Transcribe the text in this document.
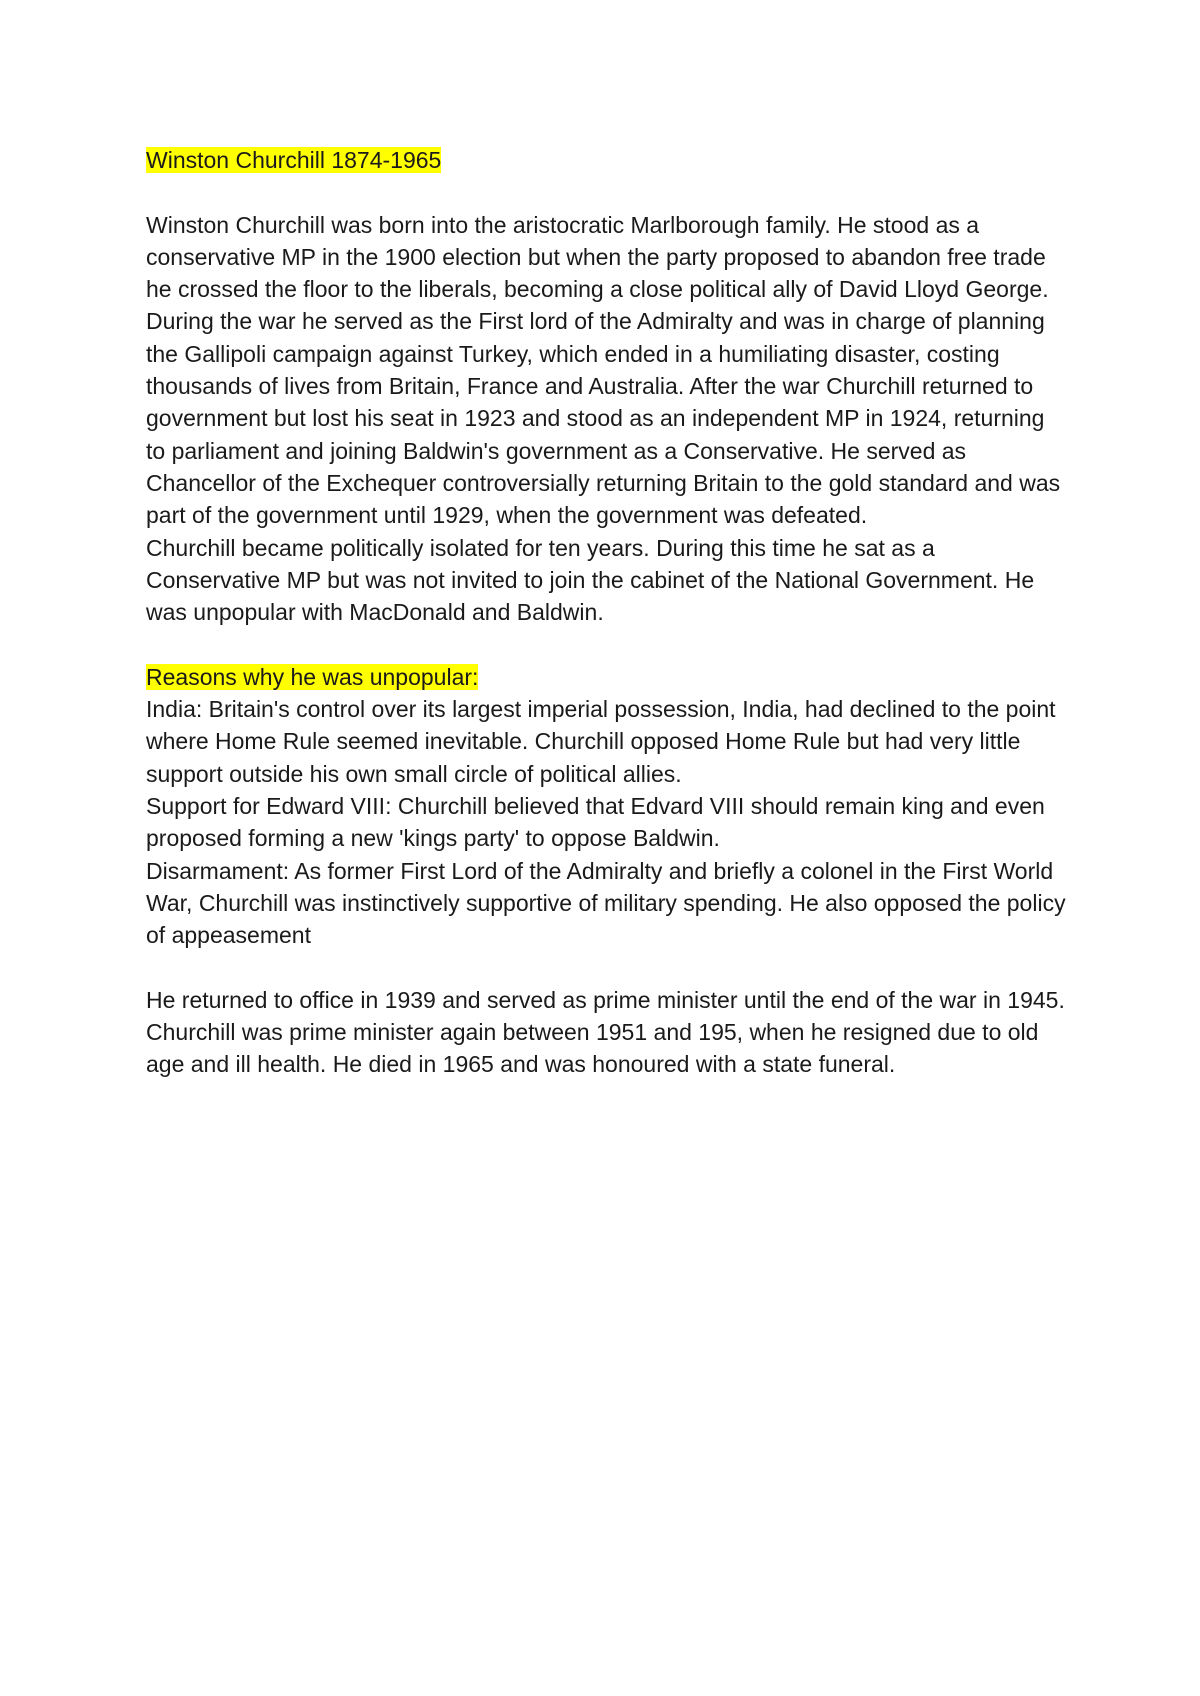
Winston Churchill 1874-1965

Winston Churchill was born into the aristocratic Marlborough family. He stood as a conservative MP in the 1900 election but when the party proposed to abandon free trade he crossed the floor to the liberals, becoming a close political ally of David Lloyd George.

During the war he served as the First lord of the Admiralty and was in charge of planning the Gallipoli campaign against Turkey, which ended in a humiliating disaster, costing thousands of lives from Britain, France and Australia. After the war Churchill returned to government but lost his seat in 1923 and stood as an independent MP in 1924, returning to parliament and joining Baldwin's government as a Conservative. He served as Chancellor of the Exchequer controversially returning Britain to the gold standard and was part of the government until 1929, when the government was defeated.

Churchill became politically isolated for ten years. During this time he sat as a Conservative MP but was not invited to join the cabinet of the National Government. He was unpopular with MacDonald and Baldwin.

Reasons why he was unpopular:

India: Britain's control over its largest imperial possession, India, had declined to the point where Home Rule seemed inevitable. Churchill opposed Home Rule but had very little support outside his own small circle of political allies.

Support for Edward VIII: Churchill believed that Edvard VIII should remain king and even proposed forming a new 'kings party' to oppose Baldwin.

Disarmament: As former First Lord of the Admiralty and briefly a colonel in the First World War, Churchill was instinctively supportive of military spending. He also opposed the policy of appeasement

He returned to office in 1939 and served as prime minister until the end of the war in 1945. Churchill was prime minister again between 1951 and 195, when he resigned due to old age and ill health. He died in 1965 and was honoured with a state funeral.
